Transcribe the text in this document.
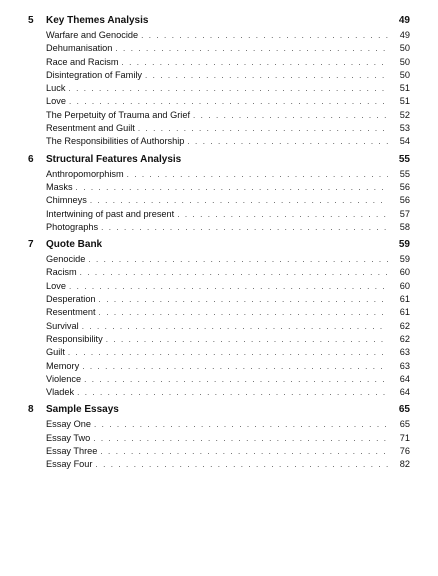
5	Key Themes Analysis	49
Warfare and Genocide . . .	49
Dehumanisation . . .	50
Race and Racism . . .	50
Disintegration of Family . . .	50
Luck . . .	51
Love . . .	51
The Perpetuity of Trauma and Grief . . .	52
Resentment and Guilt . . .	53
The Responsibilities of Authorship . . .	54
6	Structural Features Analysis	55
Anthropomorphism . . .	55
Masks . . .	56
Chimneys . . .	56
Intertwining of past and present . . .	57
Photographs . . .	58
7	Quote Bank	59
Genocide . . .	59
Racism . . .	60
Love . . .	60
Desperation . . .	61
Resentment . . .	61
Survival . . .	62
Responsibility . . .	62
Guilt . . .	63
Memory . . .	63
Violence . . .	64
Vladek . . .	64
8	Sample Essays	65
Essay One . . .	65
Essay Two . . .	71
Essay Three . . .	76
Essay Four . . .	82
